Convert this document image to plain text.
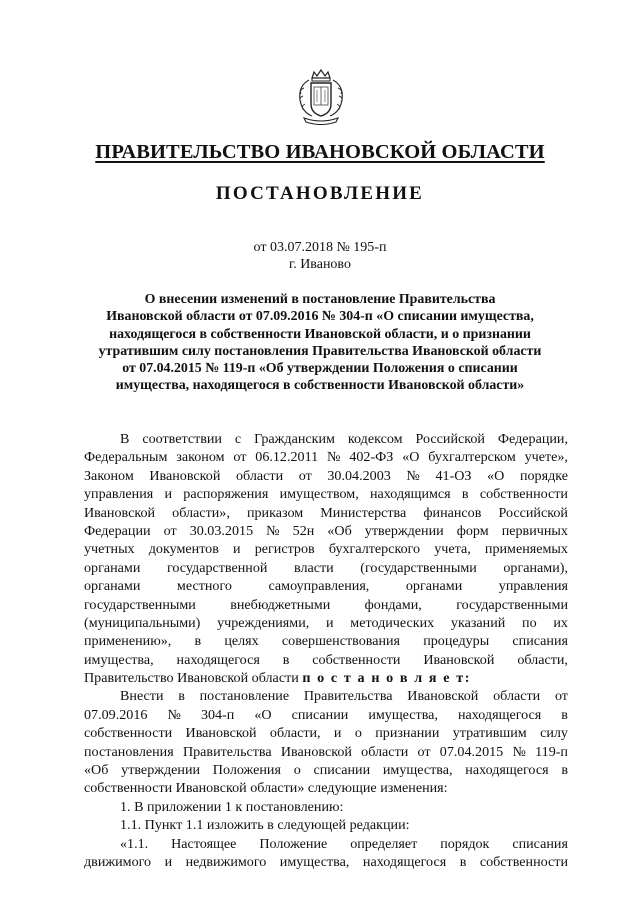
ПРАВИТЕЛЬСТВО ИВАНОВСКОЙ ОБЛАСТИ
ПОСТАНОВЛЕНИЕ
от 03.07.2018 № 195-п
г. Иваново
О внесении изменений в постановление Правительства
Ивановской области от 07.09.2016 № 304-п «О списании имущества,
находящегося в собственности Ивановской области, и о признании
утратившим силу постановления Правительства Ивановской области
от 07.04.2015 № 119-п «Об утверждении Положения о списании
имущества, находящегося в собственности Ивановской области»
В соответствии с Гражданским кодексом Российской Федерации,
Федеральным законом от 06.12.2011 № 402-ФЗ «О бухгалтерском учете»,
Законом Ивановской области от 30.04.2003 № 41-ОЗ «О порядке
управления и распоряжения имуществом, находящимся в собственности
Ивановской области», приказом Министерства финансов Российской
Федерации от 30.03.2015 № 52н «Об утверждении форм первичных
учетных документов и регистров бухгалтерского учета, применяемых
органами государственной власти (государственными органами),
органами	местного	самоуправления,	органами	управления
государственными внебюджетными фондами, государственными
(муниципальными) учреждениями, и методических указаний по их
применению», в целях совершенствования процедуры списания
имущества, находящегося в собственности Ивановской области,
Правительство Ивановской области
п о с т а н о в л я е т:
Внести в постановление Правительства Ивановской области от
07.09.2016 № 304-п «О списании имущества, находящегося в
собственности Ивановской области, и о признании утратившим силу
постановления Правительства Ивановской области от 07.04.2015 № 119-п
«Об утверждении Положения о списании имущества, находящегося в
собственности Ивановской области» следующие изменения:
1. В приложении 1 к постановлению:
1.1. Пункт 1.1 изложить в следующей редакции:
«1.1. Настоящее Положение определяет порядок списания
движимого и недвижимого имущества, находящегося в собственности
